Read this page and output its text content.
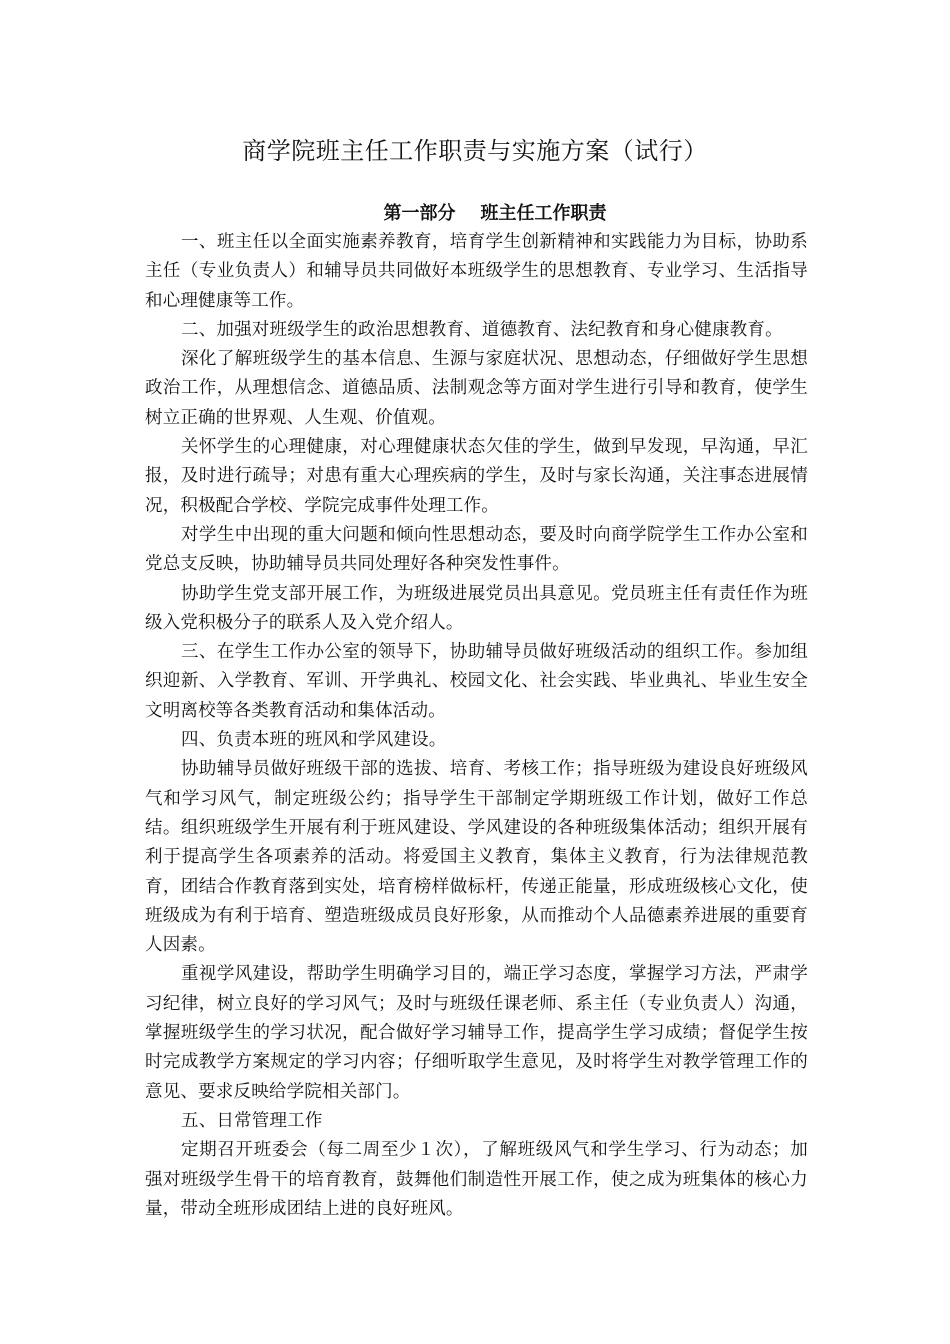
商学院班主任工作职责与实施方案（试行）
第一部分    班主任工作职责

一、班主任以全面实施素养教育，培育学生创新精神和实践能力为目标，协助系主任（专业负责人）和辅导员共同做好本班级学生的思想教育、专业学习、生活指导和心理健康等工作。

二、加强对班级学生的政治思想教育、道德教育、法纪教育和身心健康教育。

深化了解班级学生的基本信息、生源与家庭状况、思想动态，仔细做好学生思想政治工作，从理想信念、道德品质、法制观念等方面对学生进行引导和教育，使学生树立正确的世界观、人生观、价值观。

关怀学生的心理健康，对心理健康状态欠佳的学生，做到早发现，早沟通，早汇报，及时进行疏导；对患有重大心理疾病的学生，及时与家长沟通，关注事态进展情况，积极配合学校、学院完成事件处理工作。

对学生中出现的重大问题和倾向性思想动态，要及时向商学院学生工作办公室和党总支反映，协助辅导员共同处理好各种突发性事件。

协助学生党支部开展工作，为班级进展党员出具意见。党员班主任有责任作为班级入党积极分子的联系人及入党介绍人。

三、在学生工作办公室的领导下，协助辅导员做好班级活动的组织工作。参加组织迎新、入学教育、军训、开学典礼、校园文化、社会实践、毕业典礼、毕业生安全文明离校等各类教育活动和集体活动。

四、负责本班的班风和学风建设。

协助辅导员做好班级干部的选拔、培育、考核工作；指导班级为建设良好班级风气和学习风气，制定班级公约；指导学生干部制定学期班级工作计划，做好工作总结。组织班级学生开展有利于班风建设、学风建设的各种班级集体活动；组织开展有利于提高学生各项素养的活动。将爱国主义教育，集体主义教育，行为法律规范教育，团结合作教育落到实处，培育榜样做标杆，传递正能量，形成班级核心文化，使班级成为有利于培育、塑造班级成员良好形象，从而推动个人品德素养进展的重要育人因素。

重视学风建设，帮助学生明确学习目的，端正学习态度，掌握学习方法，严肃学习纪律，树立良好的学习风气；及时与班级任课老师、系主任（专业负责人）沟通，掌握班级学生的学习状况，配合做好学习辅导工作，提高学生学习成绩；督促学生按时完成教学方案规定的学习内容；仔细听取学生意见，及时将学生对教学管理工作的意见、要求反映给学院相关部门。

五、日常管理工作

定期召开班委会（每二周至少１次），了解班级风气和学生学习、行为动态；加强对班级学生骨干的培育教育，鼓舞他们制造性开展工作，使之成为班集体的核心力量，带动全班形成团结上进的良好班风。
